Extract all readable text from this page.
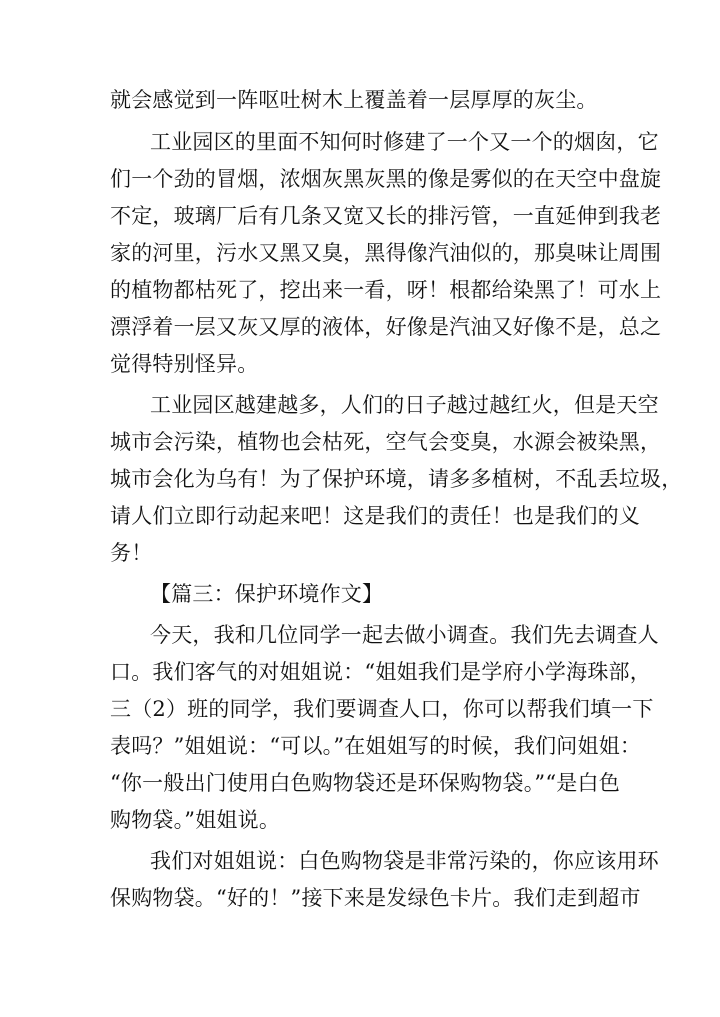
就会感觉到一阵呕吐树木上覆盖着一层厚厚的灰尘。
工业园区的里面不知何时修建了一个又一个的烟囱，它
们一个劲的冒烟，浓烟灰黑灰黑的像是雾似的在天空中盘旋
不定，玻璃厂后有几条又宽又长的排污管，一直延伸到我老
家的河里，污水又黑又臭，黑得像汽油似的，那臭味让周围
的植物都枯死了，挖出来一看，呀！根都给染黑了！可水上
漂浮着一层又灰又厚的液体，好像是汽油又好像不是，总之
觉得特别怪异。
工业园区越建越多，人们的日子越过越红火，但是天空
城市会污染，植物也会枯死，空气会变臭，水源会被染黑，
城市会化为乌有！为了保护环境，请多多植树，不乱丢垃圾，
请人们立即行动起来吧！这是我们的责任！也是我们的义
务！
【篇三：保护环境作文】
今天，我和几位同学一起去做小调查。我们先去调查人
口。我们客气的对姐姐说：“姐姐我们是学府小学海珠部，
三（2）班的同学，我们要调查人口，你可以帮我们填一下
表吗？”姐姐说：“可以。”在姐姐写的时候，我们问姐姐：
“你一般出门使用白色购物袋还是环保购物袋。”“是白色
购物袋。”姐姐说。
我们对姐姐说：白色购物袋是非常污染的，你应该用环
保购物袋。“好的！”接下来是发绿色卡片。我们走到超市
